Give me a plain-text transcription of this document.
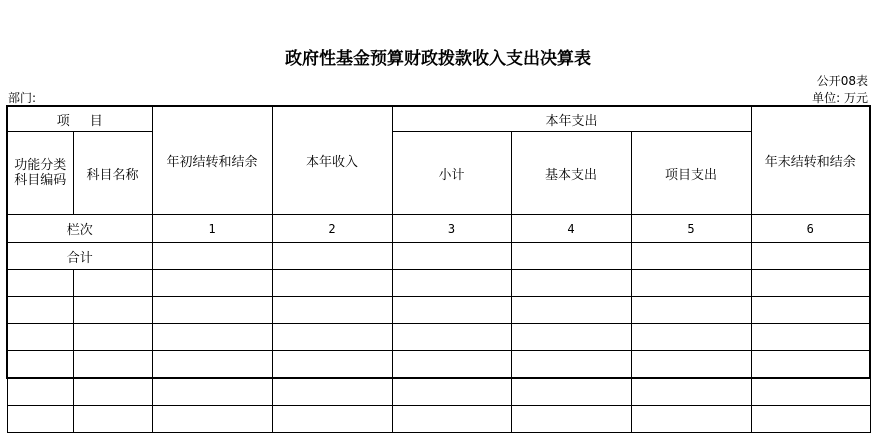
政府性基金预算财政拨款收入支出决算表
公开08表
部门:	单位: 万元
项目		年初结转和结余	本年收入	本年支出			年末结转和结余
功能分类科目编码	科目名称			小计	基本支出	项目支出	
栏次		1	2	3	4	5	6
合计							
